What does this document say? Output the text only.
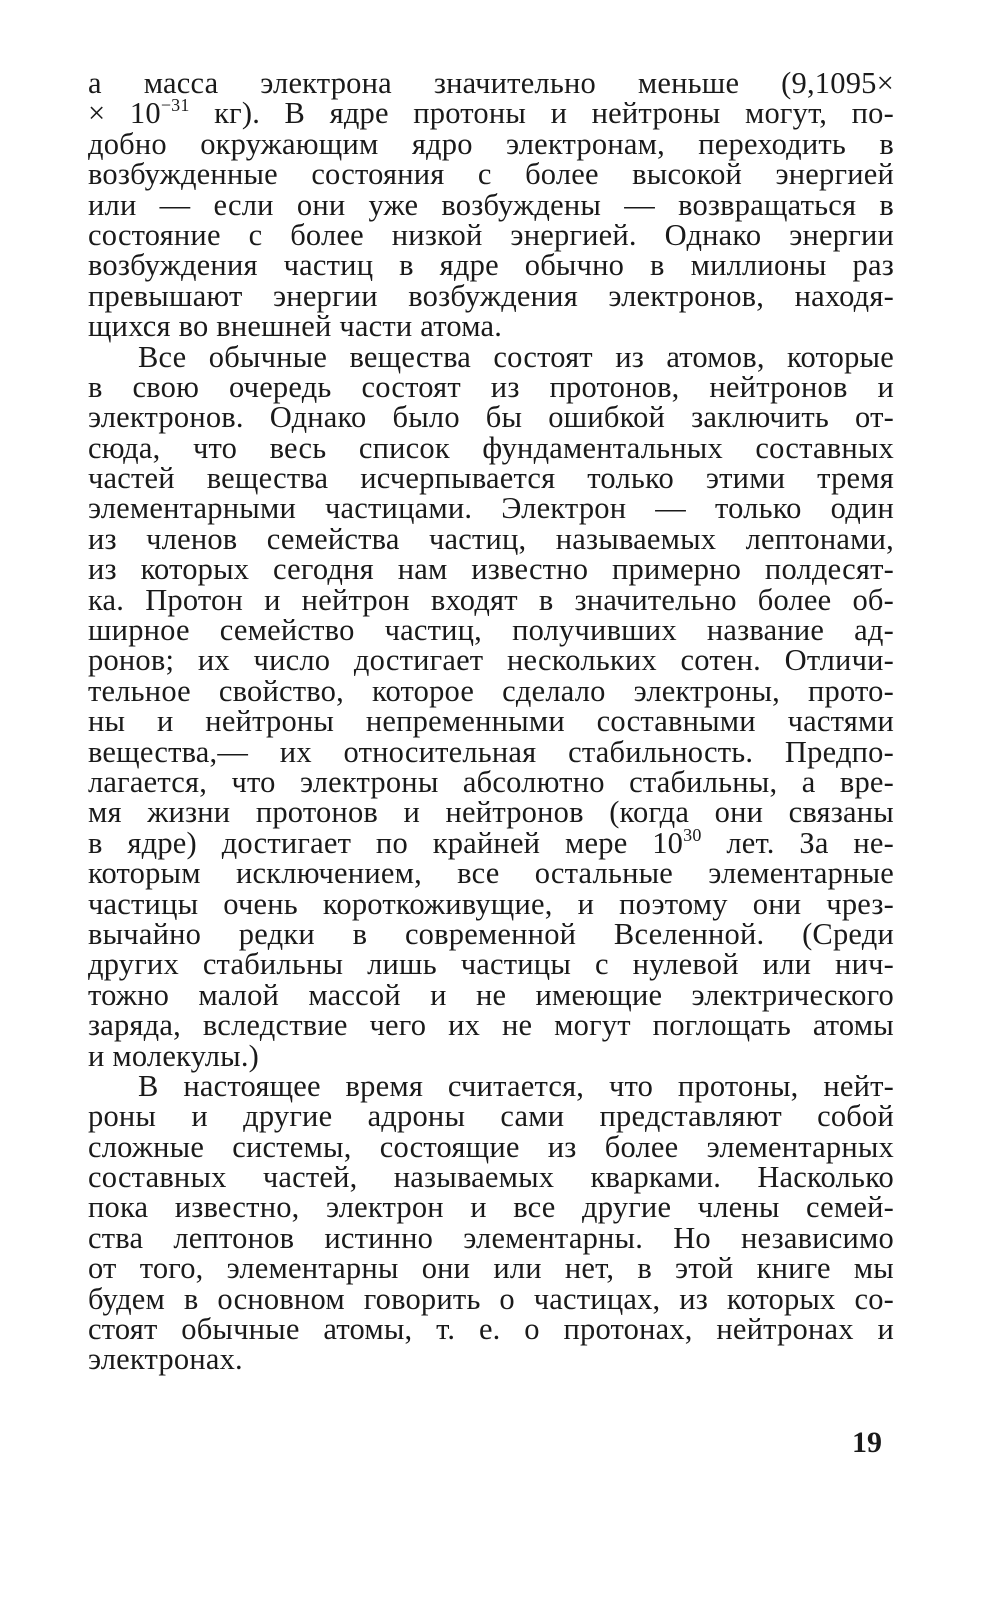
а масса электрона значительно меньше (9,1095×
× $10^{-31}$ кг). В ядре протоны и нейтроны могут, по-
добно окружающим ядро электронам, переходить в
возбужденные состояния с более высокой энергией
или — если они уже возбуждены — возвращаться в
состояние с более низкой энергией. Однако энергии
возбуждения частиц в ядре обычно в миллионы раз
превышают энергии возбуждения электронов, находя-
щихся во внешней части атома.
Все обычные вещества состоят из атомов, которые
в свою очередь состоят из протонов, нейтронов и
электронов. Однако было бы ошибкой заключить от-
сюда, что весь список фундаментальных составных
частей вещества исчерпывается только этими тремя
элементарными частицами. Электрон — только один
из членов семейства частиц, называемых лептонами,
из которых сегодня нам известно примерно полдесят-
ка. Протон и нейтрон входят в значительно более об-
ширное семейство частиц, получивших название ад-
ронов; их число достигает нескольких сотен. Отличи-
тельное свойство, которое сделало электроны, прото-
ны и нейтроны непременными составными частями
вещества,— их относительная стабильность. Предпо-
лагается, что электроны абсолютно стабильны, а вре-
мя жизни протонов и нейтронов (когда они связаны
в ядре) достигает по крайней мере $10^{30}$ лет. За не-
которым исключением, все остальные элементарные
частицы очень короткоживущие, и поэтому они чрез-
вычайно редки в современной Вселенной. (Среди
других стабильны лишь частицы с нулевой или нич-
тожно малой массой и не имеющие электрического
заряда, вследствие чего их не могут поглощать атомы
и молекулы.)
В настоящее время считается, что протоны, нейт-
роны и другие адроны сами представляют собой
сложные системы, состоящие из более элементарных
составных частей, называемых кварками. Насколько
пока известно, электрон и все другие члены семей-
ства лептонов истинно элементарны. Но независимо
от того, элементарны они или нет, в этой книге мы
будем в основном говорить о частицах, из которых со-
стоят обычные атомы, т. е. о протонах, нейтронах и
электронах.
19
